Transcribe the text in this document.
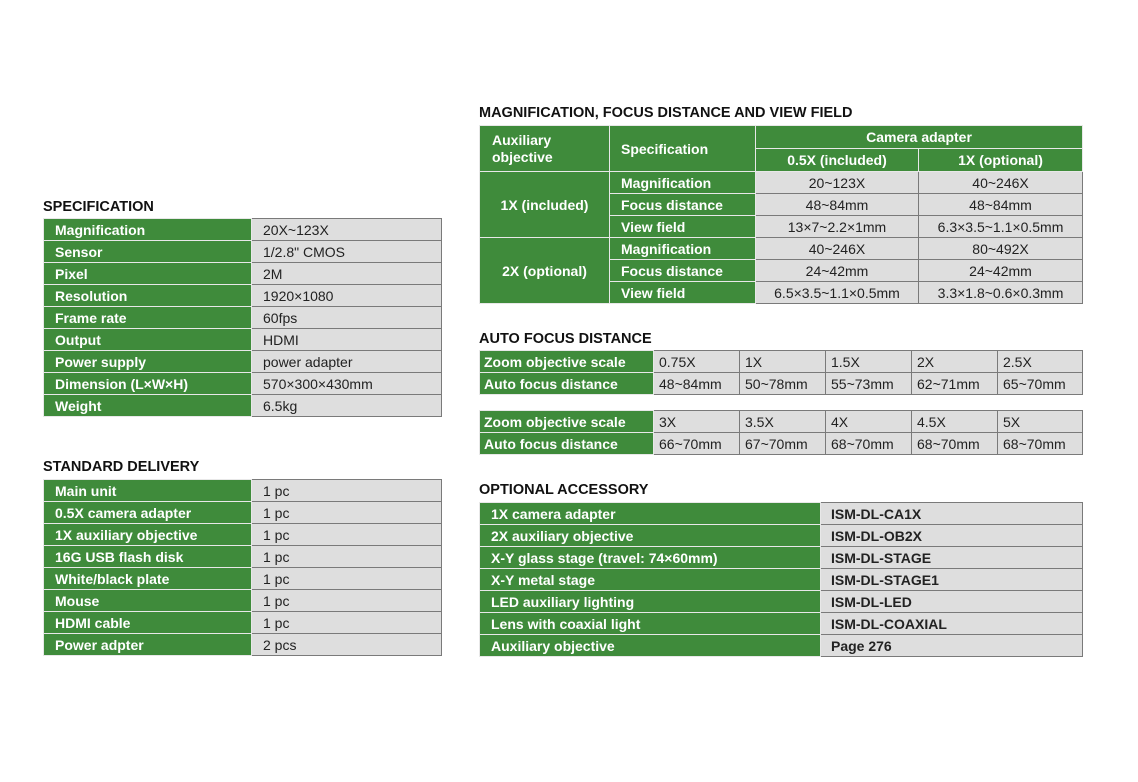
SPECIFICATION
Magnification	20X~123X
Sensor	1/2.8" CMOS
Pixel	2M
Resolution	1920×1080
Frame rate	60fps
Output	HDMI
Power supply	power adapter
Dimension (L×W×H)	570×300×430mm
Weight	6.5kg
STANDARD DELIVERY
Main unit	1 pc
0.5X camera adapter	1 pc
1X auxiliary objective	1 pc
16G USB flash disk	1 pc
White/black plate	1 pc
Mouse	1 pc
HDMI cable	1 pc
Power adpter	2 pcs
MAGNIFICATION, FOCUS DISTANCE AND VIEW FIELD
Auxiliary objective	Specification	Camera adapter	
		0.5X (included)	1X (optional)
1X (included)	Magnification	20~123X	40~246X
	Focus distance	48~84mm	48~84mm
	View field	13×7~2.2×1mm	6.3×3.5~1.1×0.5mm
2X (optional)	Magnification	40~246X	80~492X
	Focus distance	24~42mm	24~42mm
	View field	6.5×3.5~1.1×0.5mm	3.3×1.8~0.6×0.3mm
AUTO FOCUS DISTANCE
Zoom objective scale	0.75X	1X	1.5X	2X	2.5X
Auto focus distance	48~84mm	50~78mm	55~73mm	62~71mm	65~70mm
Zoom objective scale	3X	3.5X	4X	4.5X	5X
Auto focus distance	66~70mm	67~70mm	68~70mm	68~70mm	68~70mm
OPTIONAL ACCESSORY
1X camera adapter	ISM-DL-CA1X
2X auxiliary objective	ISM-DL-OB2X
X-Y glass stage (travel: 74×60mm)	ISM-DL-STAGE
X-Y metal stage	ISM-DL-STAGE1
LED auxiliary lighting	ISM-DL-LED
Lens with coaxial light	ISM-DL-COAXIAL
Auxiliary objective	Page 276
